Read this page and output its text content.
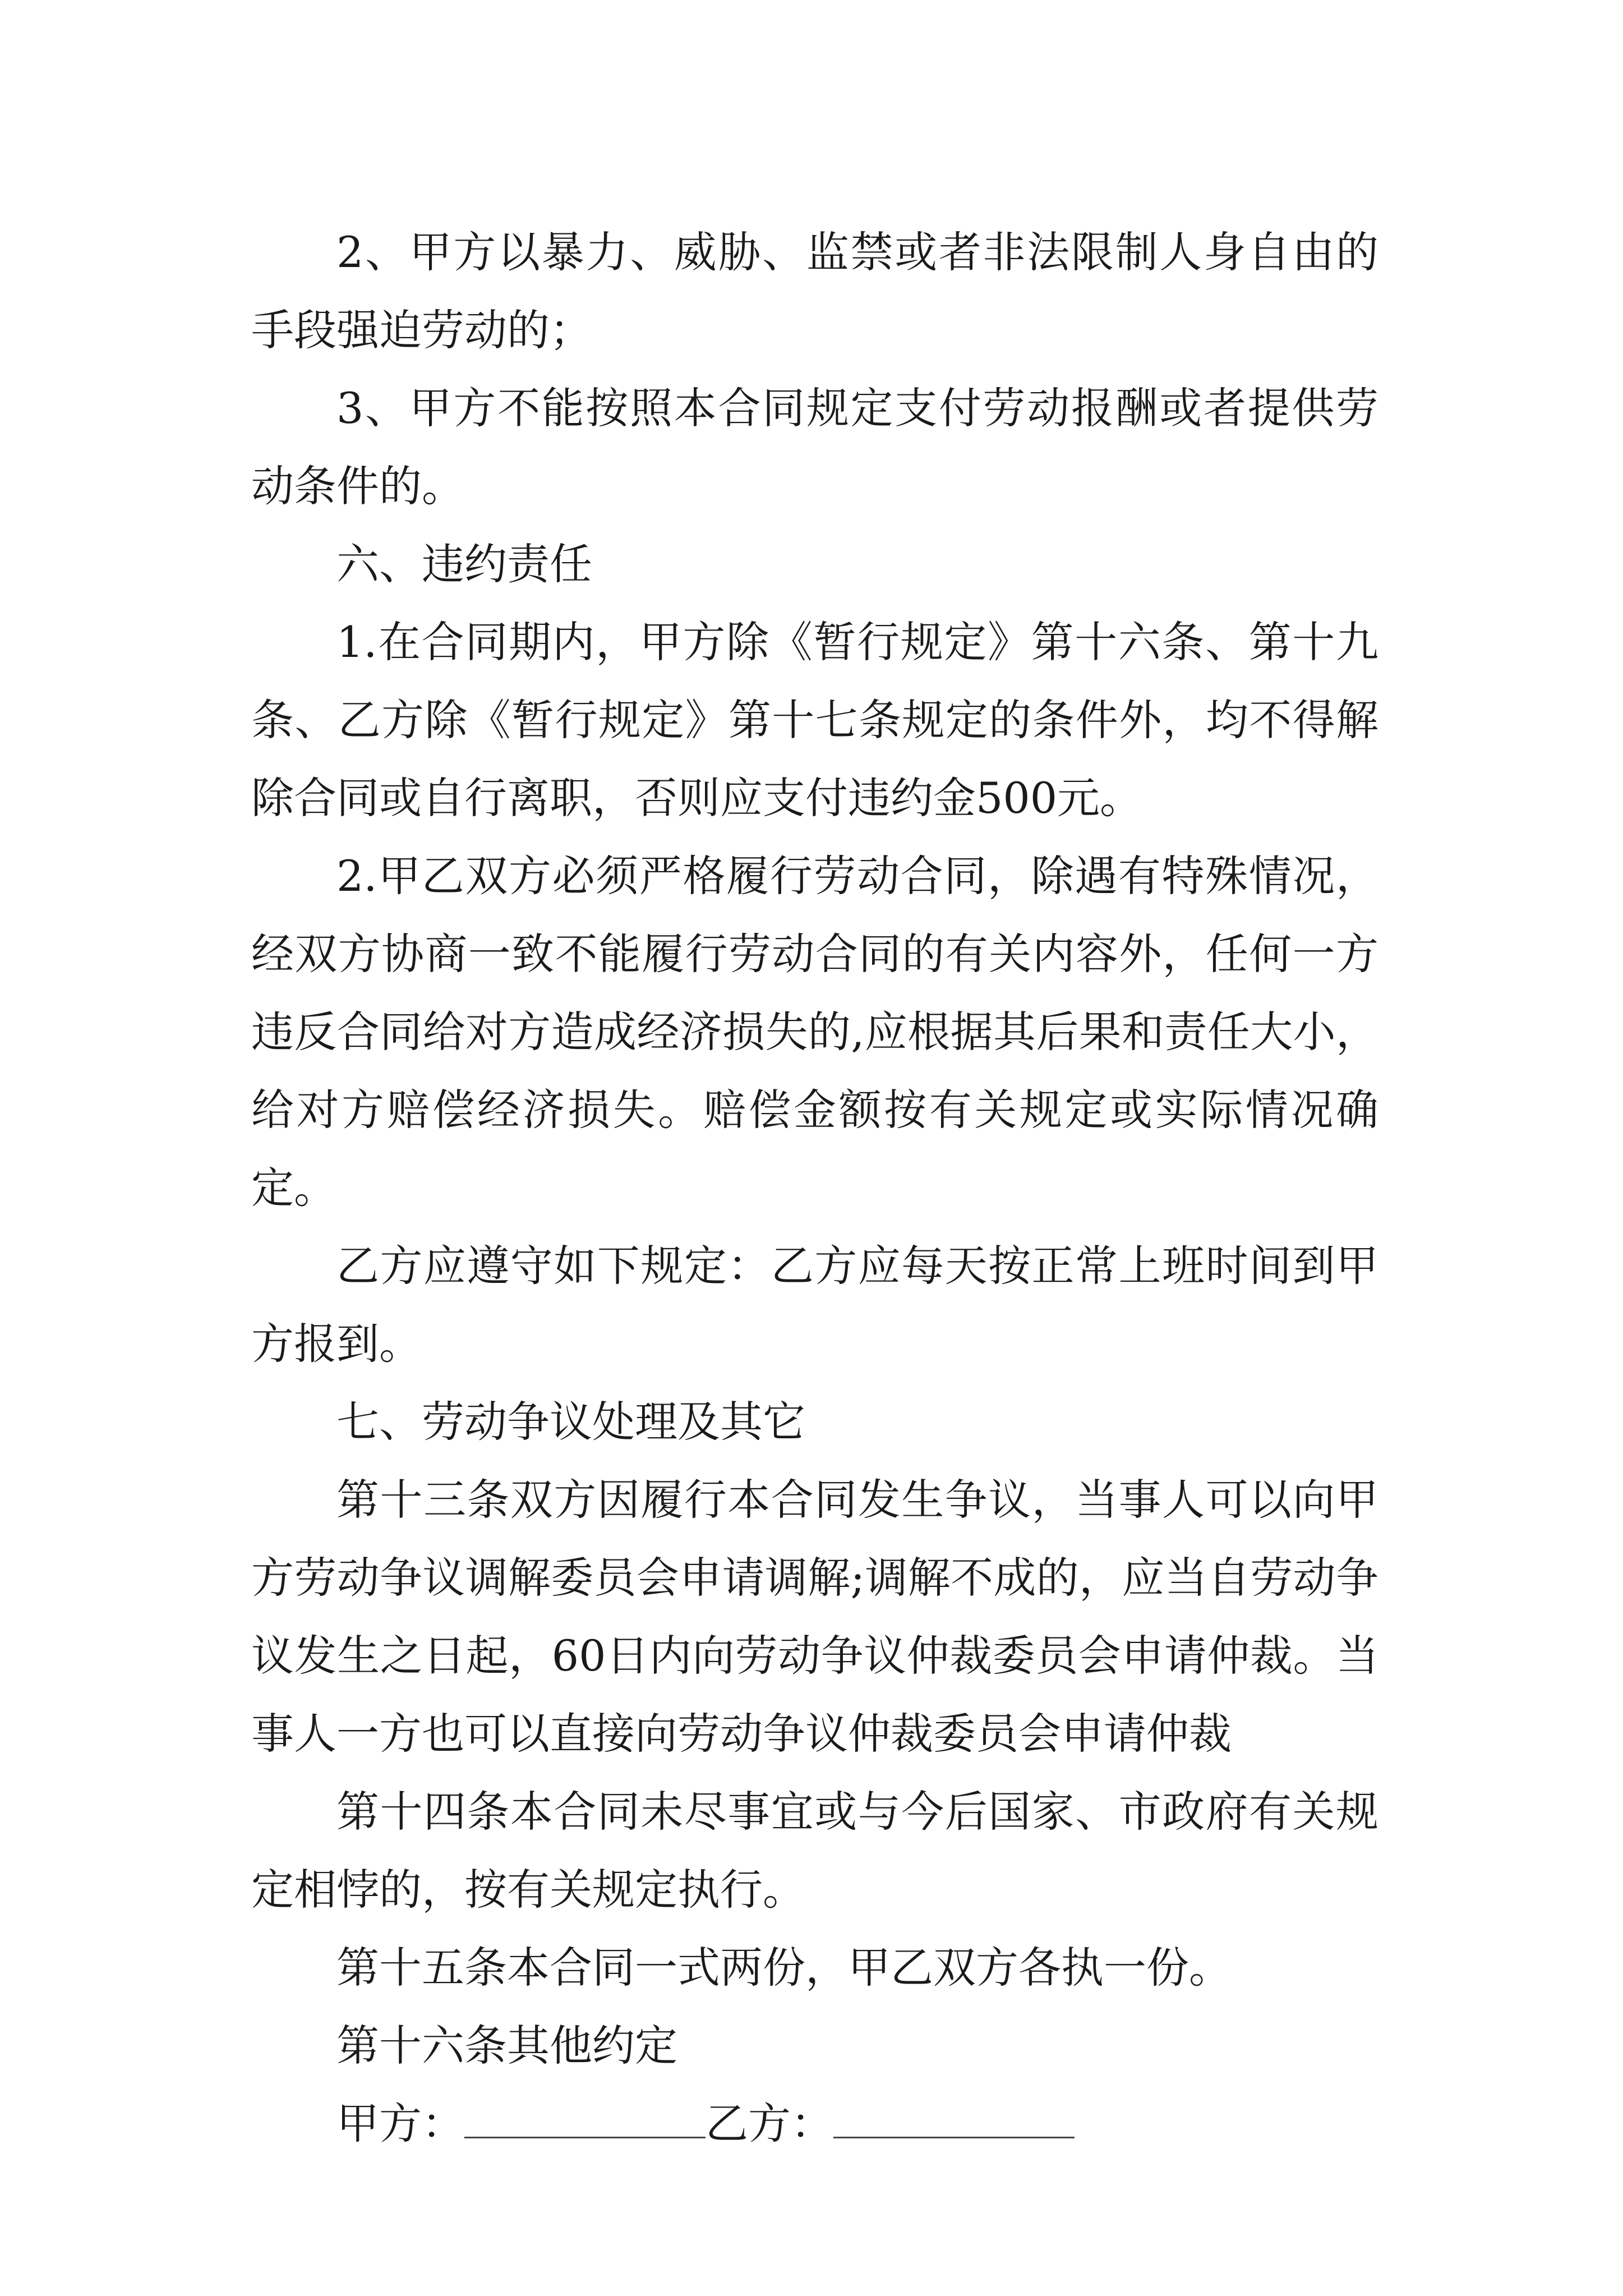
2、甲方以暴力、威胁、监禁或者非法限制人身自由的手段强迫劳动的；

3、甲方不能按照本合同规定支付劳动报酬或者提供劳动条件的。

六、违约责任

1.在合同期内，甲方除《暂行规定》第十六条、第十九条、乙方除《暂行规定》第十七条规定的条件外，均不得解除合同或自行离职，否则应支付违约金500元。

2.甲乙双方必须严格履行劳动合同，除遇有特殊情况，经双方协商一致不能履行劳动合同的有关内容外，任何一方违反合同给对方造成经济损失的,应根据其后果和责任大小，给对方赔偿经济损失。赔偿金额按有关规定或实际情况确定。

乙方应遵守如下规定：乙方应每天按正常上班时间到甲方报到。

七、劳动争议处理及其它

第十三条双方因履行本合同发生争议，当事人可以向甲方劳动争议调解委员会申请调解;调解不成的，应当自劳动争议发生之日起，60日内向劳动争议仲裁委员会申请仲裁。当事人一方也可以直接向劳动争议仲裁委员会申请仲裁

第十四条本合同未尽事宜或与今后国家、市政府有关规定相悖的，按有关规定执行。

第十五条本合同一式两份，甲乙双方各执一份。

第十六条其他约定

甲方：	乙方：
